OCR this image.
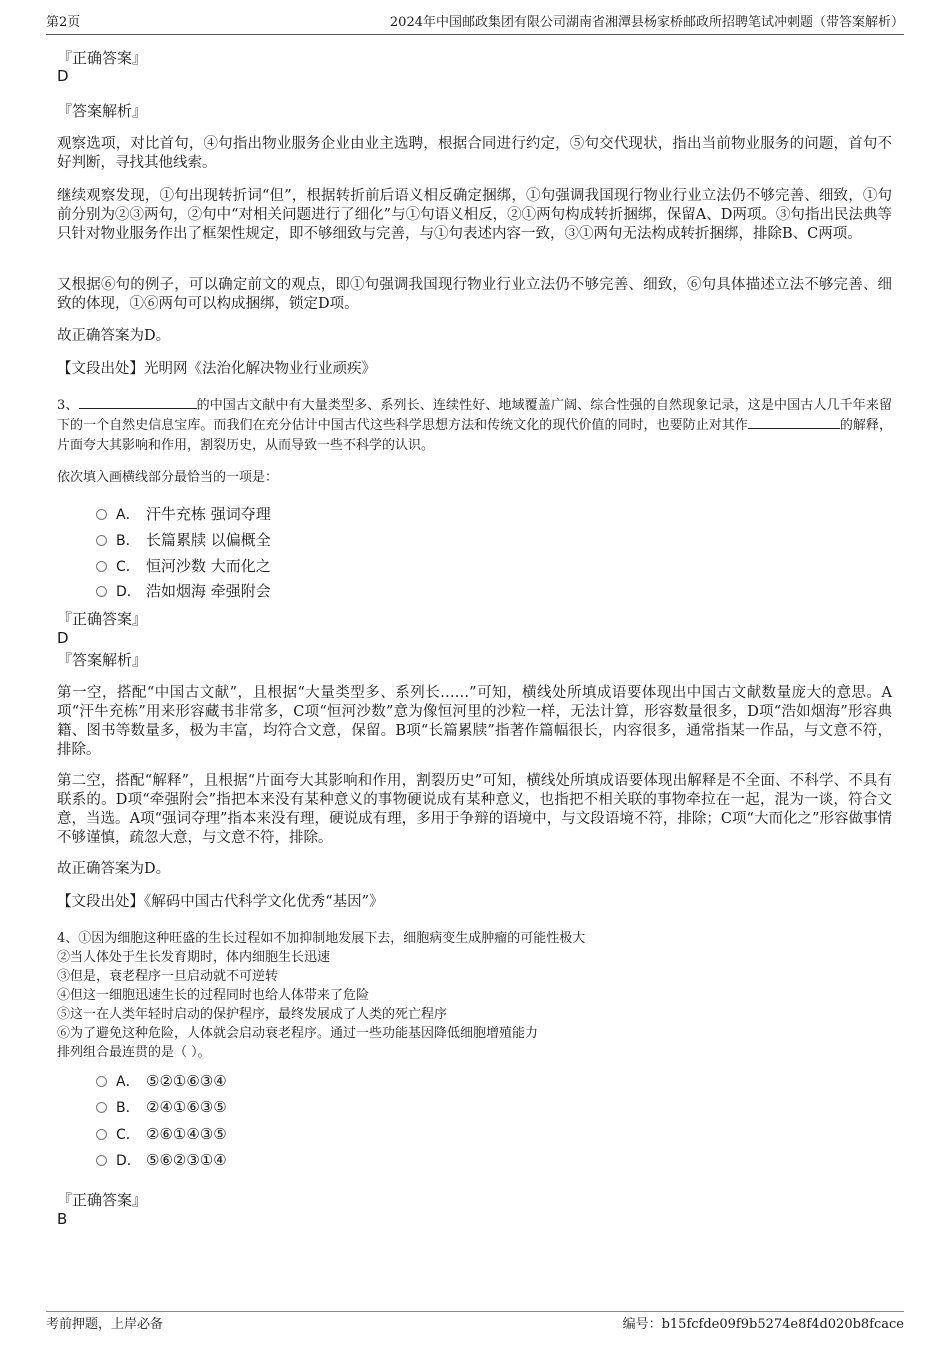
第2页	2024年中国邮政集团有限公司湖南省湘潭县杨家桥邮政所招聘笔试冲刺题（带答案解析）
『正确答案』
D
『答案解析』
观察选项，对比首句，④句指出物业服务企业由业主选聘，根据合同进行约定，⑤句交代现状，指出当前物业服务的问题，首句不好判断，寻找其他线索。
继续观察发现，①句出现转折词“但”，根据转折前后语义相反确定捆绑，①句强调我国现行物业行业立法仍不够完善、细致，①句前分别为②③两句，②句中“对相关问题进行了细化”与①句语义相反，②①两句构成转折捆绑，保留A、D两项。③句指出民法典等只针对物业服务作出了框架性规定，即不够细致与完善，与①句表述内容一致，③①两句无法构成转折捆绑，排除B、C两项。
又根据⑥句的例子，可以确定前文的观点，即①句强调我国现行物业行业立法仍不够完善、细致，⑥句具体描述立法不够完善、细致的体现，①⑥两句可以构成捆绑，锁定D项。
故正确答案为D。
【文段出处】光明网《法治化解决物业行业顽疾》
3、	的中国古文献中有大量类型多、系列长、连续性好、地域覆盖广阔、综合性强的自然现象记录，这是中国古人几千年来留下的一个自然史信息宝库。而我们在充分估计中国古代这些科学思想方法和传统文化的现代价值的同时，也要防止对其作	的解释，片面夸大其影响和作用，割裂历史，从而导致一些不科学的认识。
依次填入画横线部分最恰当的一项是：
A． 汗牛充栋 强词夺理
B． 长篇累牍 以偏概全
C． 恒河沙数 大而化之
D． 浩如烟海 牵强附会
『正确答案』
D
『答案解析』
第一空，搭配“中国古文献”，且根据“大量类型多、系列长……”可知，横线处所填成语要体现出中国古文献数量庞大的意思。A项“汗牛充栋”用来形容藏书非常多，C项“恒河沙数”意为像恒河里的沙粒一样，无法计算，形容数量很多，D项“浩如烟海”形容典籍、图书等数量多，极为丰富，均符合文意，保留。B项“长篇累牍”指著作篇幅很长，内容很多，通常指某一作品，与文意不符，排除。
第二空，搭配“解释”，且根据“片面夸大其影响和作用，割裂历史”可知，横线处所填成语要体现出解释是不全面、不科学、不具有联系的。D项“牵强附会”指把本来没有某种意义的事物硬说成有某种意义，也指把不相关联的事物牵拉在一起，混为一谈，符合文意，当选。A项“强词夺理”指本来没有理，硬说成有理，多用于争辩的语境中，与文段语境不符，排除；C项“大而化之”形容做事情不够谨慎，疏忽大意，与文意不符，排除。
故正确答案为D。
【文段出处】《解码中国古代科学文化优秀“基因”》
4、①因为细胞这种旺盛的生长过程如不加抑制地发展下去，细胞病变生成肿瘤的可能性极大
②当人体处于生长发育期时，体内细胞生长迅速
③但是，衰老程序一旦启动就不可逆转
④但这一细胞迅速生长的过程同时也给人体带来了危险
⑤这一在人类年轻时启动的保护程序，最终发展成了人类的死亡程序
⑥为了避免这种危险，人体就会启动衰老程序。通过一些功能基因降低细胞增殖能力
排列组合最连贯的是（ ）。
A． ⑤②①⑥③④
B． ②④①⑥③⑤
C． ②⑥①④③⑤
D． ⑤⑥②③①④
『正确答案』
B
考前押题，上岸必备	编号：b15fcfde09f9b5274e8f4d020b8fcace
